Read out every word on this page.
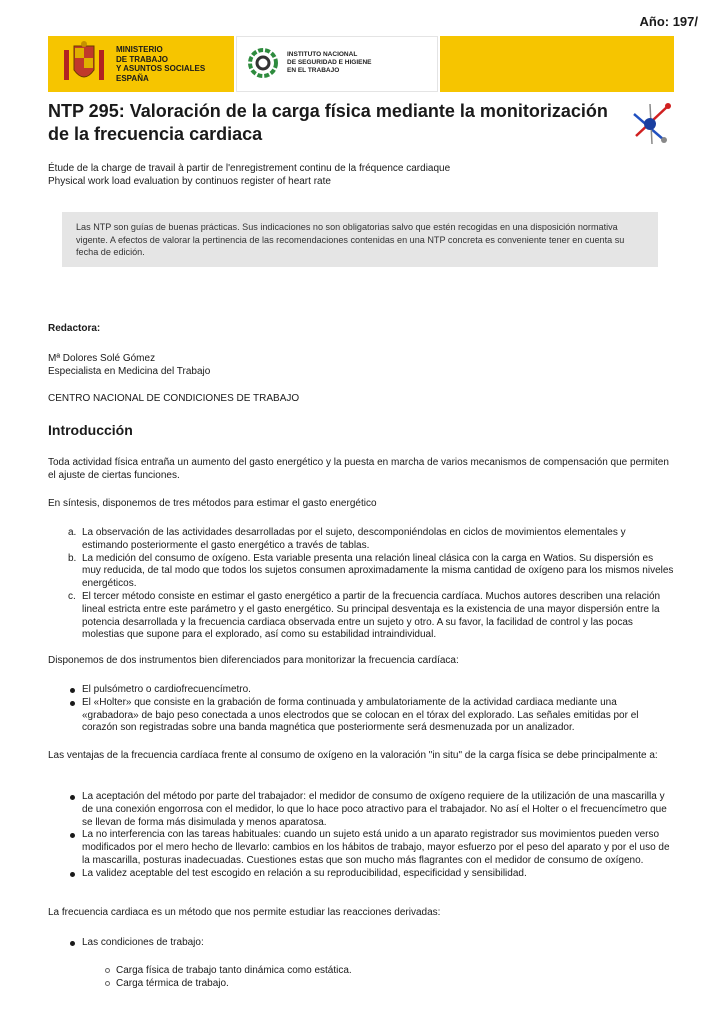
Año: 197/
MINISTERIO
DE TRABAJO
Y ASUNTOS SOCIALES
ESPAÑA
INSTITUTO NACIONAL
DE SEGURIDAD E HIGIENE
EN EL TRABAJO
NTP 295: Valoración de la carga física mediante la monitorización de la frecuencia cardiaca
Étude de la charge de travail à partir de l'enregistrement continu de la fréquence cardiaque
Physical work load evaluation by continuos register of heart rate
Las NTP son guías de buenas prácticas. Sus indicaciones no son obligatorias salvo que estén recogidas en una disposición normativa vigente. A efectos de valorar la pertinencia de las recomendaciones contenidas en una NTP concreta es conveniente tener en cuenta su fecha de edición.
Redactora:
Mª Dolores Solé Gómez
Especialista en Medicina del Trabajo
CENTRO NACIONAL DE CONDICIONES DE TRABAJO
Introducción

Toda actividad física entraña un aumento del gasto energético y la puesta en marcha de varios mecanismos de compensación que permiten el ajuste de ciertas funciones.

En síntesis, disponemos de tres métodos para estimar el gasto energético

a. La observación de las actividades desarrolladas por el sujeto, descomponiéndolas en ciclos de movimientos elementales y estimando posteriormente el gasto energético a través de tablas.
b. La medición del consumo de oxígeno. Esta variable presenta una relación lineal clásica con la carga en Watios. Su dispersión es muy reducida, de tal modo que todos los sujetos consumen aproximadamente la misma cantidad de oxígeno para los mismos niveles energéticos.
c. El tercer método consiste en estimar el gasto energético a partir de la frecuencia cardíaca. Muchos autores describen una relación lineal estricta entre este parámetro y el gasto energético. Su principal desventaja es la existencia de una mayor dispersión entre la potencia desarrollada y la frecuencia cardiaca observada entre un sujeto y otro. A su favor, la facilidad de control y las pocas molestias que supone para el explorado, así como su estabilidad intraindividual.

Disponemos de dos instrumentos bien diferenciados para monitorizar la frecuencia cardíaca:

El pulsómetro o cardiofrecuencímetro.
El «Holter» que consiste en la grabación de forma continuada y ambulatoriamente de la actividad cardiaca mediante una «grabadora» de bajo peso conectada a unos electrodos que se colocan en el tórax del explorado. Las señales emitidas por el corazón son registradas sobre una banda magnética que posteriormente será desmenuzada por un analizador.

Las ventajas de la frecuencia cardíaca frente al consumo de oxígeno en la valoración "in situ" de la carga física se debe principalmente a:

La aceptación del método por parte del trabajador: el medidor de consumo de oxígeno requiere de la utilización de una mascarilla y de una conexión engorrosa con el medidor, lo que lo hace poco atractivo para el trabajador. No así el Holter o el frecuencímetro que se llevan de forma más disimulada y menos aparatosa.
La no interferencia con las tareas habituales: cuando un sujeto está unido a un aparato registrador sus movimientos pueden verso modificados por el mero hecho de llevarlo: cambios en los hábitos de trabajo, mayor esfuerzo por el peso del aparato y por el uso de la mascarilla, posturas inadecuadas. Cuestiones estas que son mucho más flagrantes con el medidor de consumo de oxígeno.
La validez aceptable del test escogido en relación a su reproducibilidad, especificidad y sensibilidad.

La frecuencia cardiaca es un método que nos permite estudiar las reacciones derivadas:

Las condiciones de trabajo:
Carga física de trabajo tanto dinámica como estática.
Carga térmica de trabajo.
